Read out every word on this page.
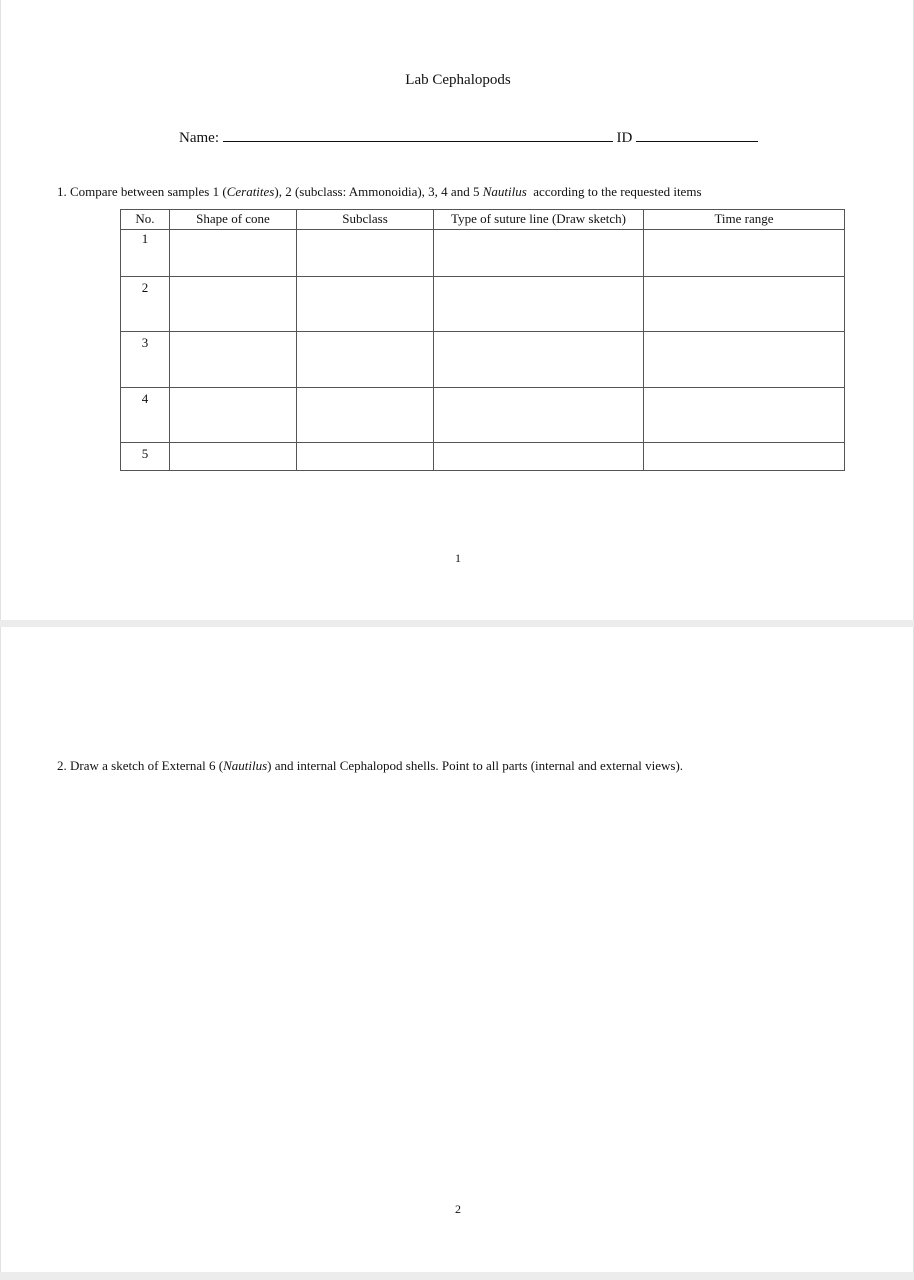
Lab Cephalopods
Name:	ID
1. Compare between samples 1 (Ceratites), 2 (subclass: Ammonoidia), 3, 4 and 5 Nautilus  according to the requested items
No.	Shape of cone	Subclass	Type of suture line (Draw sketch)	Time range
1				
2				
3				
4				
5				
1
2. Draw a sketch of External 6 (Nautilus) and internal Cephalopod shells. Point to all parts (internal and external views).
2
